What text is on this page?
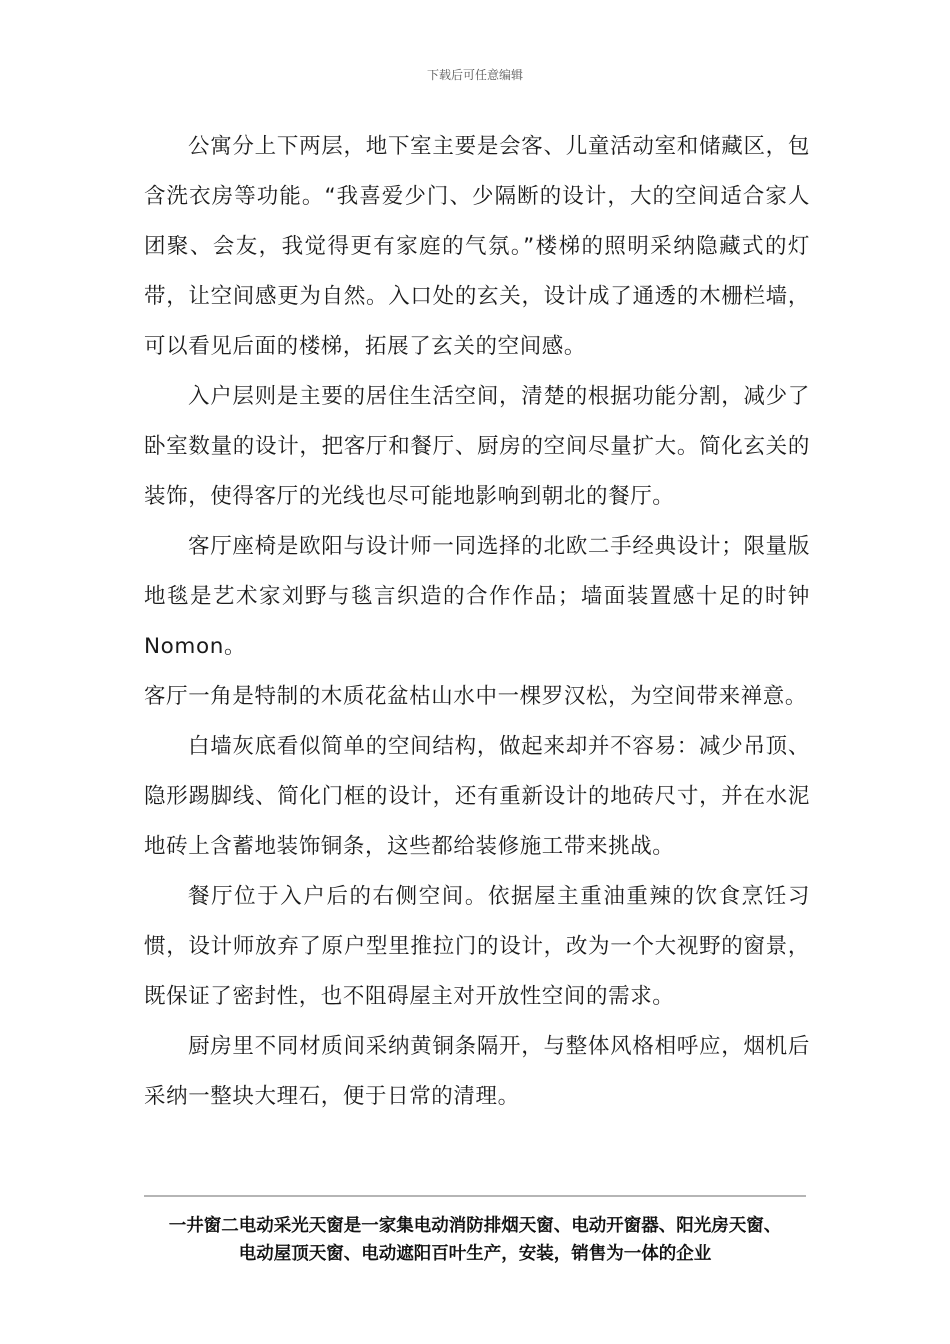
下载后可任意编辑

公寓分上下两层，地下室主要是会客、儿童活动室和储藏区，包含洗衣房等功能。“我喜爱少门、少隔断的设计，大的空间适合家人团聚、会友，我觉得更有家庭的气氛。”楼梯的照明采纳隐藏式的灯带，让空间感更为自然。入口处的玄关，设计成了通透的木栅栏墙，可以看见后面的楼梯，拓展了玄关的空间感。

入户层则是主要的居住生活空间，清楚的根据功能分割，减少了卧室数量的设计，把客厅和餐厅、厨房的空间尽量扩大。简化玄关的装饰，使得客厅的光线也尽可能地影响到朝北的餐厅。

客厅座椅是欧阳与设计师一同选择的北欧二手经典设计；限量版地毯是艺术家刘野与毯言织造的合作作品；墙面装置感十足的时钟 Nomon。

客厅一角是特制的木质花盆枯山水中一棵罗汉松，为空间带来禅意。

白墙灰底看似简单的空间结构，做起来却并不容易：减少吊顶、隐形踢脚线、简化门框的设计，还有重新设计的地砖尺寸，并在水泥地砖上含蓄地装饰铜条，这些都给装修施工带来挑战。

餐厅位于入户后的右侧空间。依据屋主重油重辣的饮食烹饪习惯，设计师放弃了原户型里推拉门的设计，改为一个大视野的窗景，既保证了密封性，也不阻碍屋主对开放性空间的需求。

厨房里不同材质间采纳黄铜条隔开，与整体风格相呼应，烟机后采纳一整块大理石，便于日常的清理。

一井窗二电动采光天窗是一家集电动消防排烟天窗、电动开窗器、阳光房天窗、
电动屋顶天窗、电动遮阳百叶生产，安装，销售为一体的企业
